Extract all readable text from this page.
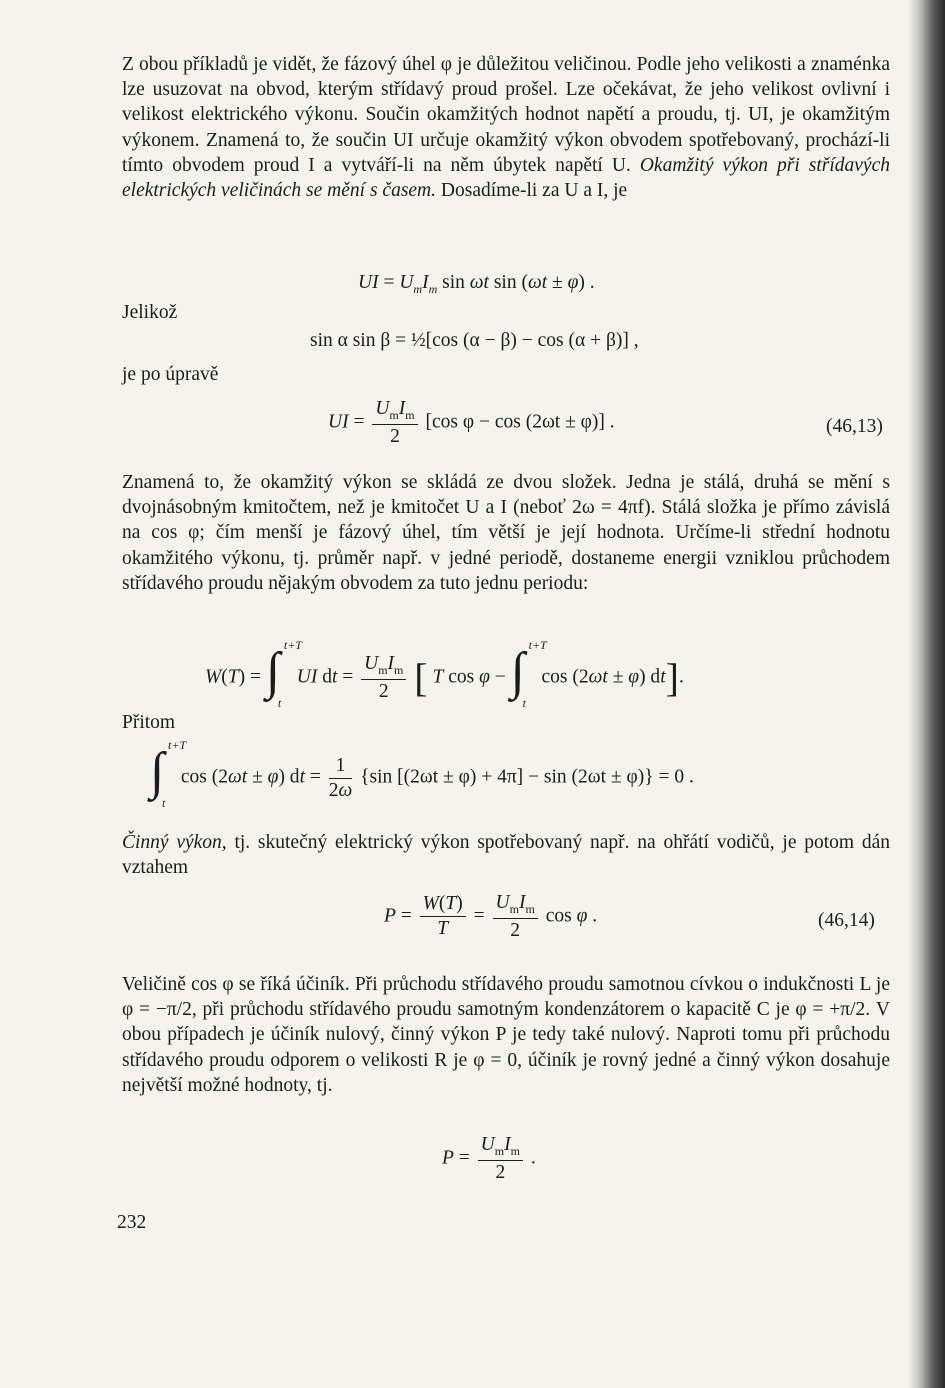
Z obou příkladů je vidět, že fázový úhel φ je důležitou veličinou. Podle jeho velikosti a znaménka lze usuzovat na obvod, kterým střídavý proud prošel. Lze očekávat, že jeho velikost ovlivní i velikost elektrického výkonu. Součin okamžitých hodnot napětí a proudu, tj. UI, je okamžitým výkonem. Znamená to, že součin UI určuje okamžitý výkon obvodem spotřebovaný, prochází-li tímto obvodem proud I a vytváří-li na něm úbytek napětí U. Okamžitý výkon při střídavých elektrických veličinách se mění s časem. Dosadíme-li za U a I, je

UI = $U_mI_m$ sin ωt sin (ωt ± φ) .
Jelikož
sin α sin β = ½[cos (α − β) − cos (α + β)] ,
je po úpravě
UI = $\frac{U_mI_m}{2} [\cos$ φ − cos (2ωt ± φ)] .	(46,13)

Znamená to, že okamžitý výkon se skládá ze dvou složek. Jedna je stálá, druhá se mění s dvojnásobným kmitočtem, než je kmitočet U a I (neboť 2ω = 4πf). Stálá složka je přímo závislá na cos φ; čím menší je fázový úhel, tím větší je její hodnota. Určíme-li střední hodnotu okamžitého výkonu, tj. průměr např. v jedné periodě, dostaneme energii vzniklou průchodem střídavého proudu nějakým obvodem za tuto jednu periodu:

W(T) = ∫ t+T
t
UI dt = $\frac{U_mI_m}{2}$ [ T cos φ − ∫ t+T
t
cos (2ωt ± φ) dt].
Přitom
∫ t+T
t
cos (2ωt ± φ) dt = $\frac{1}{2\omega} \{\sin$ [(2ωt ± φ) + 4π] − sin (2ωt ± φ)} = 0 .

Činný výkon, tj. skutečný elektrický výkon spotřebovaný např. na ohřátí vodičů, je potom dán vztahem

$P = \frac{W(T)}{T} = \frac{U_mI_m}{2}$ cos φ .	(46,14)

Veličině cos φ se říká účiník. Při průchodu střídavého proudu samotnou cívkou o indukčnosti L je φ = −π/2, při průchodu střídavého proudu samotným kondenzátorem o kapacitě C je φ = +π/2. V obou případech je účiník nulový, činný výkon P je tedy také nulový. Naproti tomu při průchodu střídavého proudu odporem o velikosti R je φ = 0, účiník je rovný jedné a činný výkon dosahuje největší možné hodnoty, tj.

$P = \frac{U_mI_m}{2}$ .
232
